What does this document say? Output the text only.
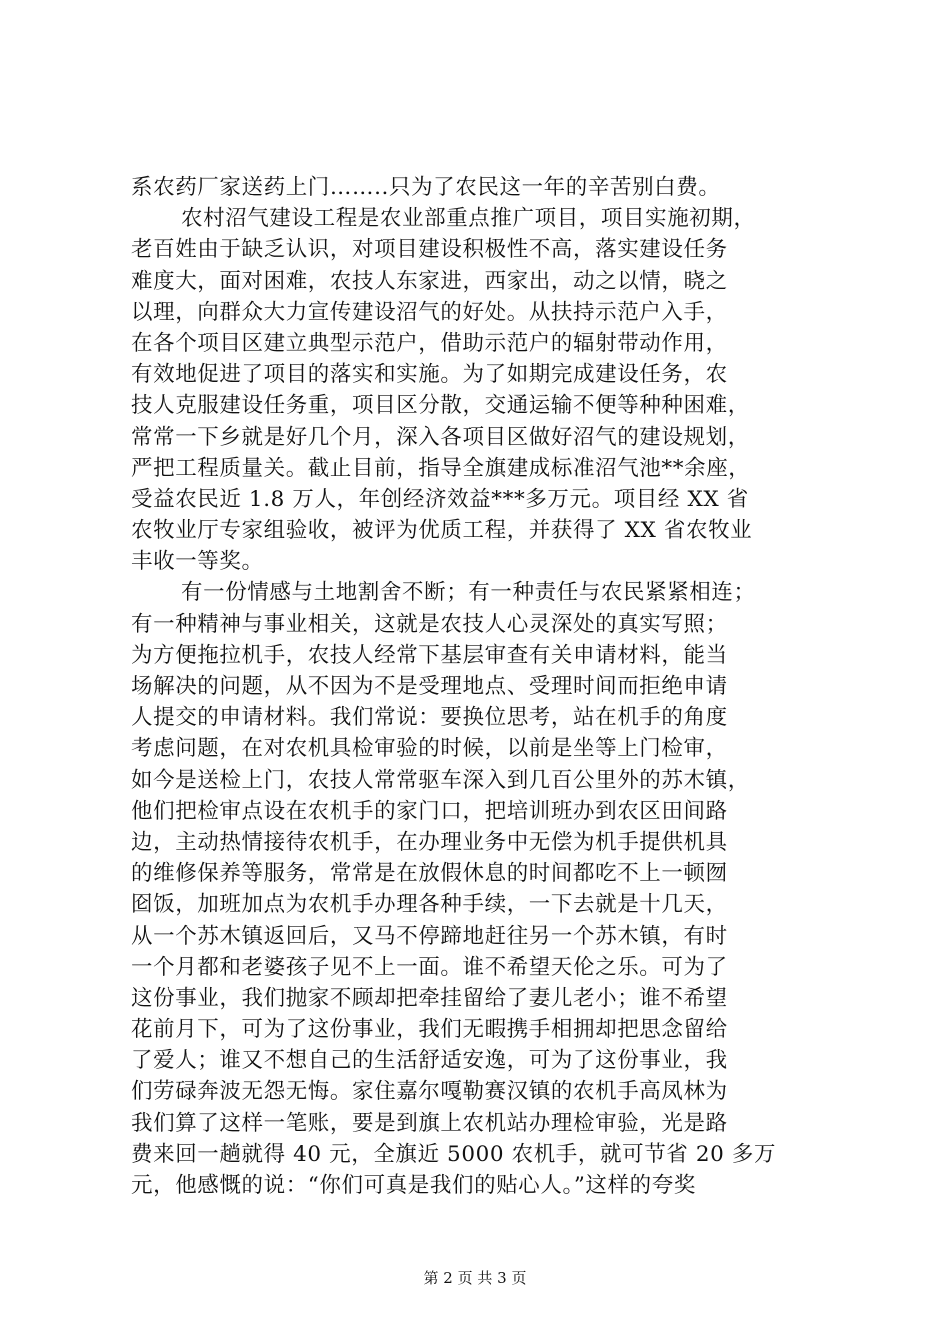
系农药厂家送药上门……..只为了农民这一年的辛苦别白费。
农村沼气建设工程是农业部重点推广项目，项目实施初期，
老百姓由于缺乏认识，对项目建设积极性不高，落实建设任务
难度大，面对困难，农技人东家进，西家出，动之以情，晓之
以理，向群众大力宣传建设沼气的好处。从扶持示范户入手，
在各个项目区建立典型示范户，借助示范户的辐射带动作用，
有效地促进了项目的落实和实施。为了如期完成建设任务，农
技人克服建设任务重，项目区分散，交通运输不便等种种困难，
常常一下乡就是好几个月，深入各项目区做好沼气的建设规划，
严把工程质量关。截止目前，指导全旗建成标准沼气池**余座，
受益农民近 1.8 万人，年创经济效益***多万元。项目经 XX 省
农牧业厅专家组验收，被评为优质工程，并获得了 XX 省农牧业
丰收一等奖。
有一份情感与土地割舍不断；有一种责任与农民紧紧相连；
有一种精神与事业相关，这就是农技人心灵深处的真实写照；
为方便拖拉机手，农技人经常下基层审查有关申请材料，能当
场解决的问题，从不因为不是受理地点、受理时间而拒绝申请
人提交的申请材料。我们常说：要换位思考，站在机手的角度
考虑问题，在对农机具检审验的时候，以前是坐等上门检审，
如今是送检上门，农技人常常驱车深入到几百公里外的苏木镇，
他们把检审点设在农机手的家门口，把培训班办到农区田间路
边，主动热情接待农机手，在办理业务中无偿为机手提供机具
的维修保养等服务，常常是在放假休息的时间都吃不上一顿囫
囵饭，加班加点为农机手办理各种手续，一下去就是十几天，
从一个苏木镇返回后，又马不停蹄地赶往另一个苏木镇，有时
一个月都和老婆孩子见不上一面。谁不希望天伦之乐。可为了
这份事业，我们抛家不顾却把牵挂留给了妻儿老小；谁不希望
花前月下，可为了这份事业，我们无暇携手相拥却把思念留给
了爱人；谁又不想自己的生活舒适安逸，可为了这份事业，我
们劳碌奔波无怨无悔。家住嘉尔嘎勒赛汉镇的农机手高凤林为
我们算了这样一笔账，要是到旗上农机站办理检审验，光是路
费来回一趟就得 40 元，全旗近 5000 农机手，就可节省 20 多万
元，他感慨的说：“你们可真是我们的贴心人。”这样的夸奖
第 2 页 共 3 页
